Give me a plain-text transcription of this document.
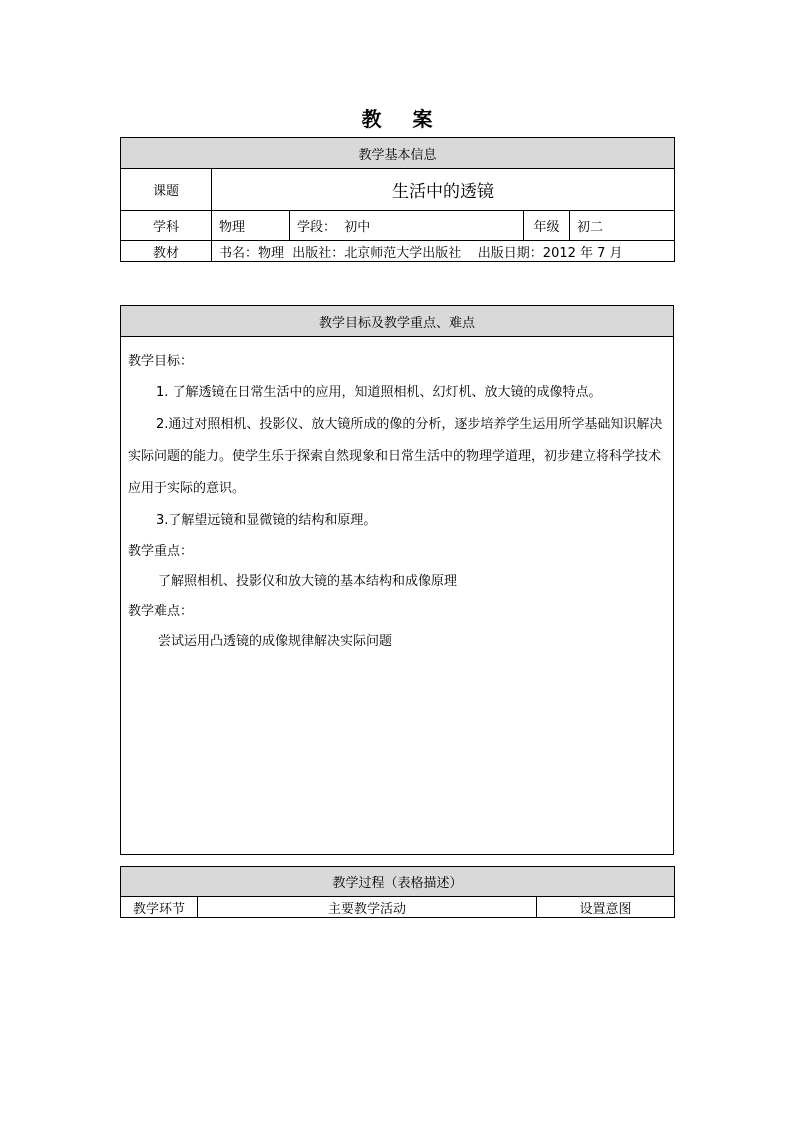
教 案
教学基本信息				
课题	生活中的透镜			
学科	物理	学段：  初中	年级	初二
教材	书名：物理  出版社：北京师范大学出版社    出版日期：2012 年 7 月			
教学目标及教学重点、难点

教学目标：
1. 了解透镜在日常生活中的应用，知道照相机、幻灯机、放大镜的成像特点。
2.通过对照相机、投影仪、放大镜所成的像的分析，逐步培养学生运用所学基础知识解决实际问题的能力。使学生乐于探索自然现象和日常生活中的物理学道理，初步建立将科学技术应用于实际的意识。
3.了解望远镜和显微镜的结构和原理。
教学重点：
了解照相机、投影仪和放大镜的基本结构和成像原理
教学难点：
尝试运用凸透镜的成像规律解决实际问题
教学过程（表格描述）
教学环节	主要教学活动	设置意图
